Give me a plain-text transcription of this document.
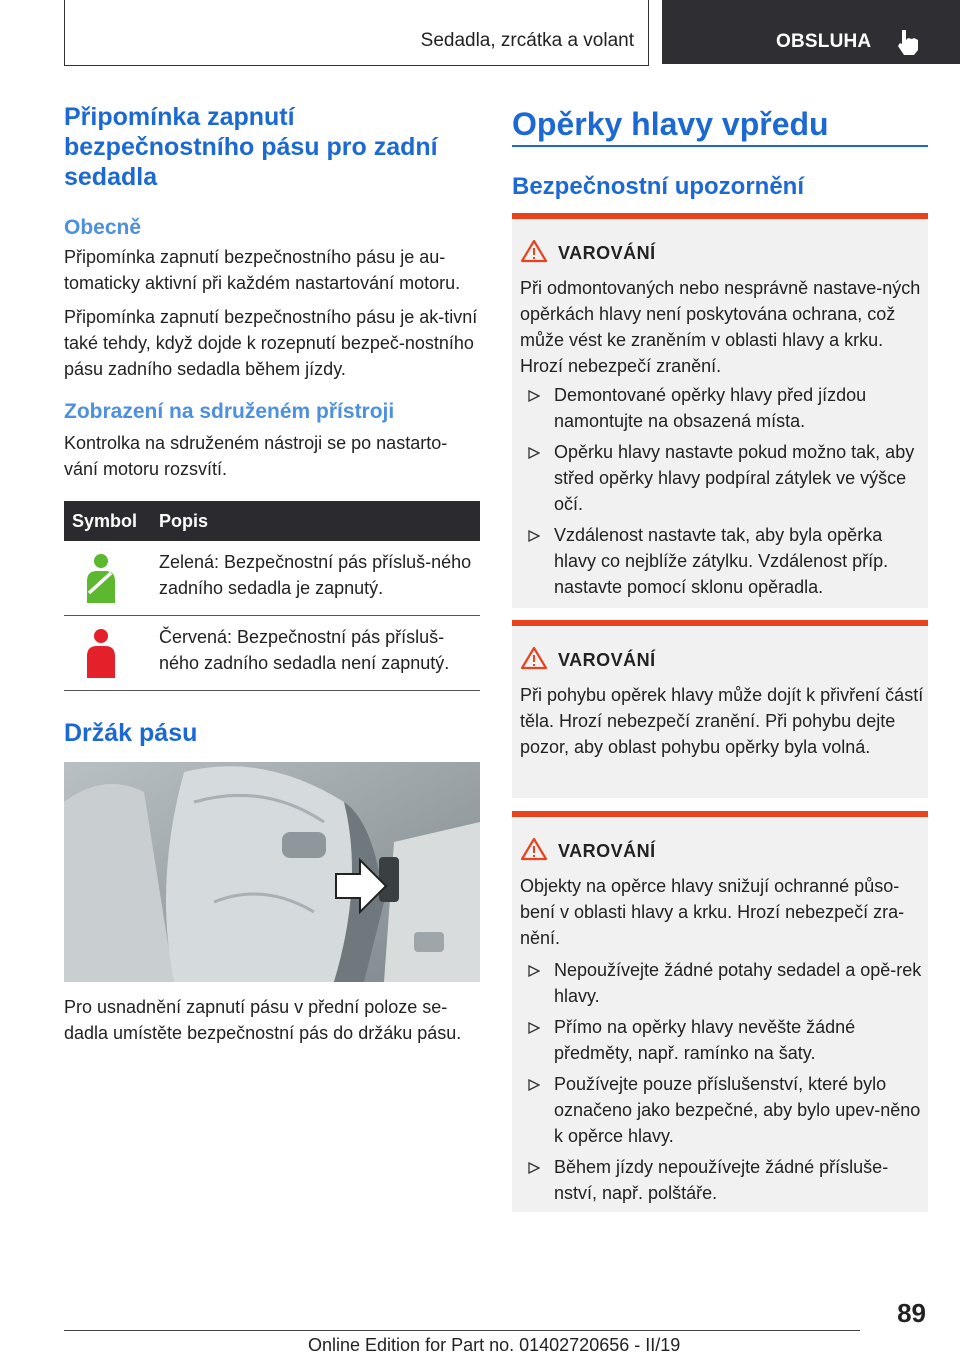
Sedadla, zrcátka a volant	OBSLUHA
Připomínka zapnutí bezpečnostního pásu pro zadní sedadla
Obecně

Připomínka zapnutí bezpečnostního pásu je au-tomaticky aktivní při každém nastartování motoru.

Připomínka zapnutí bezpečnostního pásu je ak-tivní také tehdy, když dojde k rozepnutí bezpeč-nostního pásu zadního sedadla během jízdy.

Zobrazení na sdruženém přístroji

Kontrolka na sdruženém nástroji se po nastarto-vání motoru rozsvítí.

Symbol Popis
Zelená: Bezpečnostní pás přísluš-ného zadního sedadla je zapnutý.
Červená: Bezpečnostní pás přísluš-ného zadního sedadla není zapnutý.
Držák pásu

Pro usnadnění zapnutí pásu v přední poloze se-dadla umístěte bezpečnostní pás do držáku pásu.

Opěrky hlavy vpředu
Bezpečnostní upozornění
VAROVÁNÍ
Při odmontovaných nebo nesprávně nastave-ných opěrkách hlavy není poskytována ochrana, což může vést ke zraněním v oblasti hlavy a krku. Hrozí nebezpečí zranění.
Demontované opěrky hlavy před jízdou namontujte na obsazená místa.
Opěrku hlavy nastavte pokud možno tak, aby střed opěrky hlavy podpíral zátylek ve výšce očí.
Vzdálenost nastavte tak, aby byla opěrka hlavy co nejblíže zátylku. Vzdálenost příp. nastavte pomocí sklonu opěradla.
VAROVÁNÍ
Při pohybu opěrek hlavy může dojít k přivření částí těla. Hrozí nebezpečí zranění. Při pohybu dejte pozor, aby oblast pohybu opěrky byla volná.
VAROVÁNÍ
Objekty na opěrce hlavy snižují ochranné půso-bení v oblasti hlavy a krku. Hrozí nebezpečí zra-nění.
Nepoužívejte žádné potahy sedadel a opě-rek hlavy.
Přímo na opěrky hlavy nevěšte žádné předměty, např. ramínko na šaty.
Používejte pouze příslušenství, které bylo označeno jako bezpečné, aby bylo upev-něno k opěrce hlavy.
Během jízdy nepoužívejte žádné přísluše-nství, např. polštáře.
89
Online Edition for Part no. 01402720656 - II/19
